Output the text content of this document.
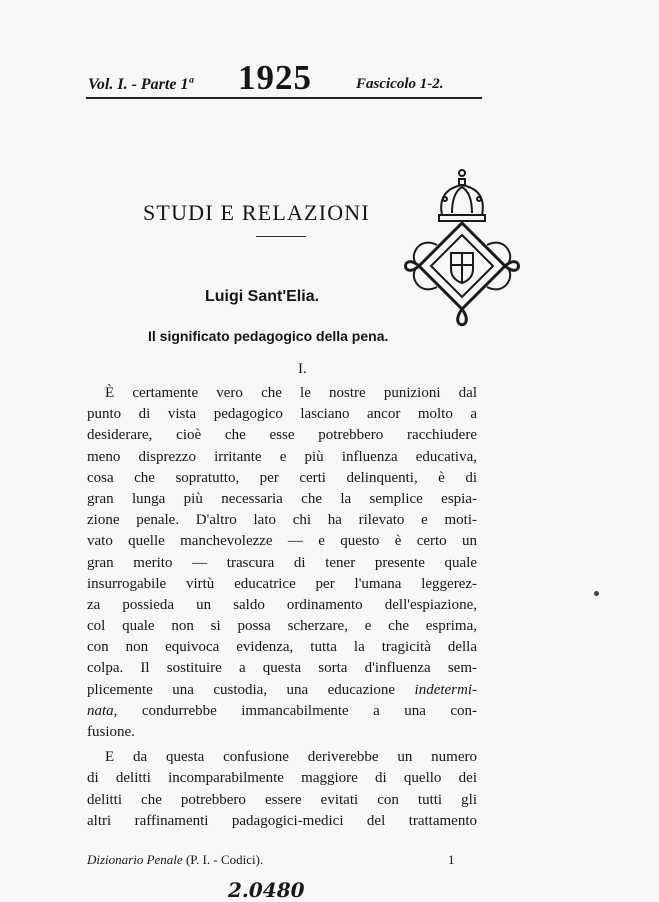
Vol. I. - Parte 1ª 1925	Fascicolo 1-2.
STUDI E RELAZIONI
Luigi Sant'Elia.
Il significato pedagogico della pena.
I.
È certamente vero che le nostre punizioni dal
punto di vista pedagogico lasciano ancor molto a
desiderare, cioè che esse potrebbero racchiudere
meno disprezzo irritante e più influenza educativa,
cosa che sopratutto, per certi delinquenti, è di
gran lunga più necessaria che la semplice espia-
zione penale. D'altro lato chi ha rilevato e moti-
vato quelle manchevolezze — e questo è certo un
gran merito — trascura di tener presente quale
insurrogabile virtù educatrice per l'umana leggerez-
za possieda un saldo ordinamento dell'espiazione,
col quale non si possa scherzare, e che esprima,
con non equivoca evidenza, tutta la tragicità della
colpa. Il sostituire a questa sorta d'influenza sem-
plicemente una custodia, una educazione indetermi-
nata, condurrebbe immancabilmente a una con-
fusione.
E da questa confusione deriverebbe un numero
di delitti incomparabilmente maggiore di quello dei
delitti che potrebbero essere evitati con tutti gli
altri raffinamenti padagogici-medici del trattamento
Dizionario Penale (P. I. - Codici).	1
2.0480
